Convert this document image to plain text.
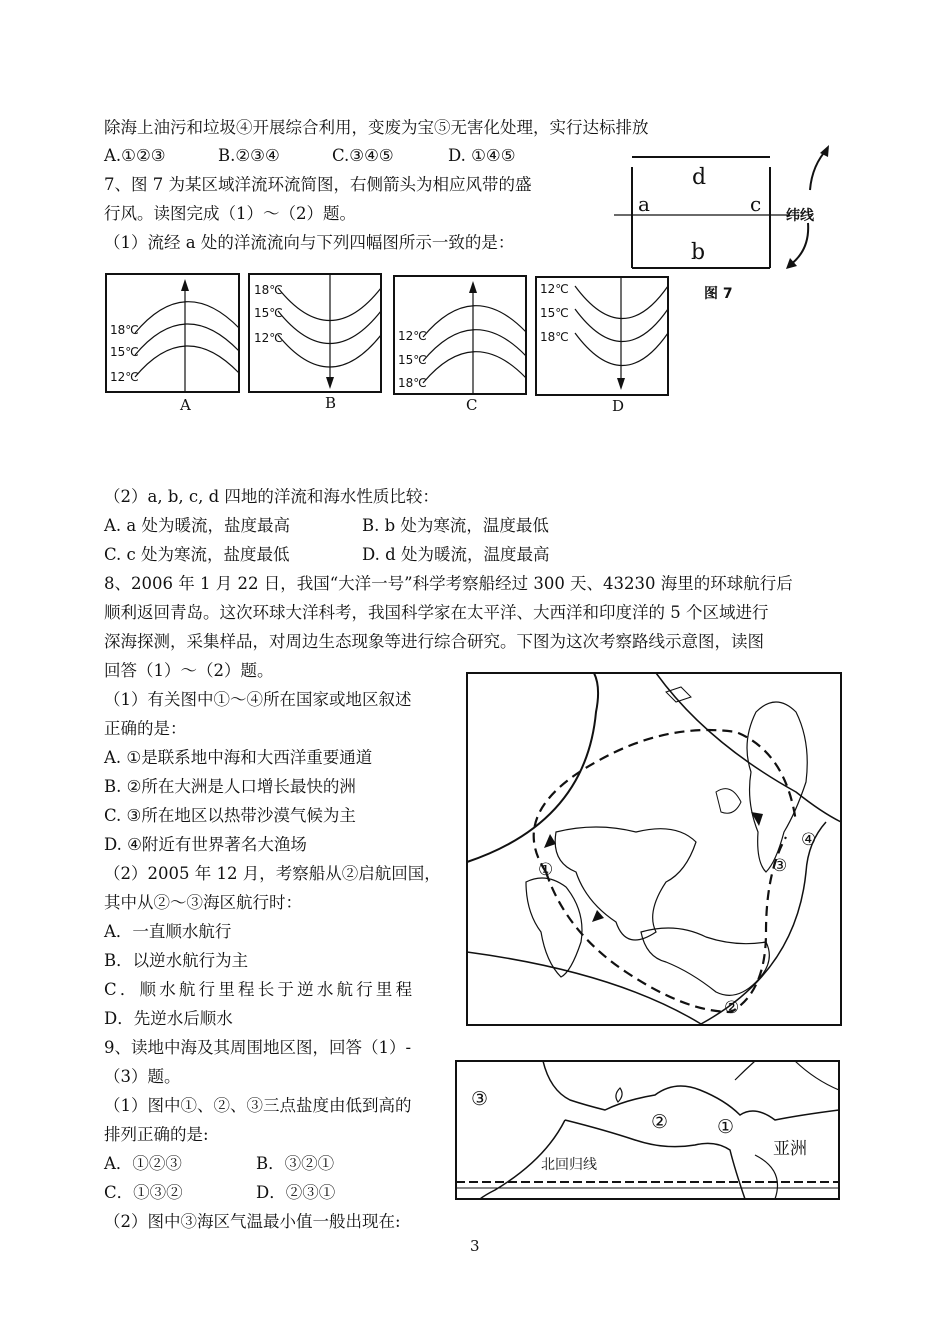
除海上油污和垃圾④开展综合利用，变废为宝⑤无害化处理，实行达标排放
A.①②③	B.②③④	C.③④⑤	D. ①④⑤
7、图 7 为某区域洋流环流简图，右侧箭头为相应风带的盛
行风。读图完成（1）～（2）题。
（1）流经 a 处的洋流流向与下列四幅图所示一致的是：
a
d
c
b
纬线
图 7
18℃
15℃
12℃
A
18℃
15℃
12℃
B
12℃
15℃
18℃
C
12℃
15℃
18℃
D
（2）a, b, c, d 四地的洋流和海水性质比较：
A. a 处为暖流，盐度最高	B. b 处为寒流，温度最低
C. c 处为寒流，盐度最低	D. d 处为暖流，温度最高
8、2006 年 1 月 22 日，我国“大洋一号”科学考察船经过 300 天、43230 海里的环球航行后
顺利返回青岛。这次环球大洋科考，我国科学家在太平洋、大西洋和印度洋的 5 个区域进行
深海探测，采集样品，对周边生态现象等进行综合研究。下图为这次考察路线示意图，读图
回答（1）～（2）题。
（1）有关图中①～④所在国家或地区叙述
正确的是：
A. ①是联系地中海和大西洋重要通道
B. ②所在大洲是人口增长最快的洲
C. ③所在地区以热带沙漠气候为主
D. ④附近有世界著名大渔场
（2）2005 年 12 月，考察船从②启航回国，
其中从②～③海区航行时：
A．一直顺水航行
B．以逆水航行为主
C．顺水航行里程长于逆水航行里程
D．先逆水后顺水
①
②
③
④
9、读地中海及其周围地区图，回答（1）-
（3）题。
（1）图中①、②、③三点盐度由低到高的
排列正确的是:
A．①②③	B．③②①
C．①③②	D．②③①
（2）图中③海区气温最小值一般出现在:
③
②	①
亚洲
北回归线
3
